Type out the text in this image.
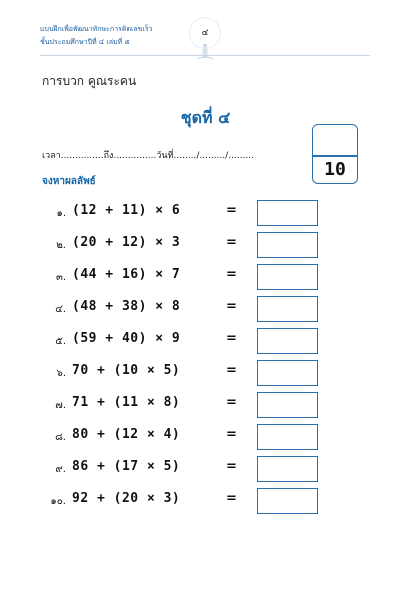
แบบฝึกเพื่อพัฒนาทักษะการคิดเลขเร็ว
ชั้นประถมศึกษาปีที่ ๔ เล่มที่ ๕
๔
การบวก คูณระคน
ชุดที่ ๔
เวลา...............ถึง...............วันที่......../........./.........
10
จงหาผลลัพธ์
๑. (12 + 11) × 6	=
๒. (20 + 12) × 3	=
๓. (44 + 16) × 7	=
๔. (48 + 38) × 8	=
๕. (59 + 40) × 9	=
๖. 70 + (10 × 5)	=
๗. 71 + (11 × 8)	=
๘. 80 + (12 × 4)	=
๙. 86 + (17 × 5)	=
๑๐. 92 + (20 × 3)	=
